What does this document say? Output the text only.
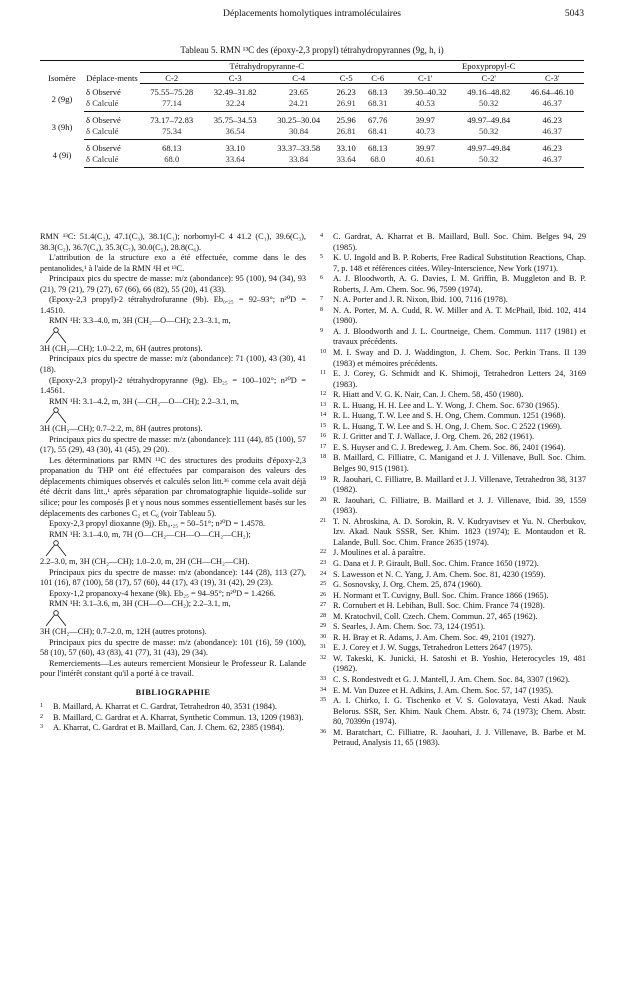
Déplacements homolytiques intramoléculaires	5043
Tableau 5. RMN ¹³C des (époxy-2,3 propyl) tétrahydropyrannes (9g, h, i)
Isomère	Déplace-ments	Tétrahydropyranne-C					Epoxypropyl-C		
		C-2	C-3	C-4	C-5	C-6	C-1'	C-2'	C-3'
2 (9g)	δ Observé	75.55–75.28	32.49–31.82	23.65	26.23	68.13	39.50–40.32	49.16–48.82	46.64–46.10
	δ Calculé	77.14	32.24	24.21	26.91	68.31	40.53	50.32	46.37
3 (9h)	δ Observé	73.17–72.83	35.75–34.53	30.25–30.04	25.96	67.76	39.97	49.97–49.84	46.23
	δ Calculé	75.34	36.54	30.84	26.81	68.41	40.73	50.32	46.37
4 (9i)	δ Observé	68.13	33.10	33.37–33.58	33.10	68.13	39.97	49.97–49.84	46.23
	δ Calculé	68.0	33.64	33.84	33.64	68.0	40.61	50.32	46.37

RMN ¹³C: 51.4(C₂), 47.1(C₃), 38.1(C₁); norbornyl-C 4 41.2 (C₁), 39.6(C₃), 38.3(C₂), 36.7(C₄), 35.3(C₇), 30.0(C₅), 28.8(C₆).

L'attribution de la structure exo a été effectuée, comme dans le des pentanolides,¹ à l'aide de la RMN ¹H et ¹³C.

Principaux pics du spectre de masse: m/z (abondance): 95 (100), 94 (34), 93 (21), 79 (21), 79 (27), 67 (66), 66 (82), 55 (20), 41 (33).

(Epoxy-2,3 propyl)-2 tétrahydrofuranne (9b). Eb₀.₂₅ = 92–93°; n²⁰D = 1.4510.

RMN ¹H: 3.3–4.0, m, 3H (CH₂—O—CH); 2.3–3.1, m,

3H (CH₂—CH); 1.0–2.2, m, 6H (autres protons).

Principaux pics du spectre de masse: m/z (abondance): 71 (100), 43 (30), 41 (18).

(Epoxy-2,3 propyl)-2 tétrahydropyranne (9g). Eb₂₅ = 100–102°; n²⁰D = 1.4561.

RMN ¹H: 3.1–4.2, m, 3H (—CH₂—O—CH); 2.2–3.1, m,

3H (CH₂—CH); 0.7–2.2, m, 8H (autres protons).

Principaux pics du spectre de masse: m/z (abondance): 111 (44), 85 (100), 57 (17), 55 (29), 43 (30), 41 (45), 29 (20).

Les déterminations par RMN ¹³C des structures des produits d'époxy-2,3 propanation du THP ont été effectuées par comparaison des valeurs des déplacements chimiques observés et calculés selon litt.³⁶ comme cela avait déjà été décrit dans litt.,¹ après séparation par chromatographie liquide–solide sur silice; pour les composés β et γ nous nous sommes essentiellement basés sur les déplacements des carbones C₂ et C₆ (voir Tableau 5).

Epoxy-2,3 propyl dioxanne (9j). Eb₀.₂₅ = 50–51°; n²⁰D = 1.4578.

RMN ¹H: 3.1–4.0, m, 7H (O—CH₂—CH—O—CH₂—CH₂);

2.2–3.0, m, 3H (CH₂—CH); 1.0–2.0, m, 2H (CH—CH₂—CH).

Principaux pics du spectre de masse: m/z (abondance): 144 (28), 113 (27), 101 (16), 87 (100), 58 (17), 57 (60), 44 (17), 43 (19), 31 (42), 29 (23).

Epoxy-1,2 propanoxy-4 hexane (9k). Eb₂₅ = 94–95°; n²⁰D = 1.4266.

RMN ¹H: 3.1–3.6, m, 3H (CH—O—CH₂); 2.2–3.1, m,

3H (CH₂—CH); 0.7–2.0, m, 12H (autres protons).

Principaux pics du spectre de masse: m/z (abondance): 101 (16), 59 (100), 58 (10), 57 (60), 43 (83), 41 (77), 31 (43), 29 (34).

Remerciements—Les auteurs remercient Monsieur le Professeur R. Lalande pour l'intérêt constant qu'il a porté à ce travail.

BIBLIOGRAPHIE

1 B. Maillard, A. Kharrat et C. Gardrat, Tetrahedron 40, 3531 (1984).

2 B. Maillard, C. Gardrat et A. Kharrat, Synthetic Commun. 13, 1209 (1983).

3 A. Kharrat, C. Gardrat et B. Maillard, Can. J. Chem. 62, 2385 (1984).

4 C. Gardrat, A. Kharrat et B. Maillard, Bull. Soc. Chim. Belges 94, 29 (1985).

5 K. U. Ingold and B. P. Roberts, Free Radical Substitution Reactions, Chap. 7, p. 148 et références citées. Wiley-Interscience, New York (1971).

6 A. J. Bloodworth, A. G. Davies, I. M. Griffin, B. Muggleton and B. P. Roberts, J. Am. Chem. Soc. 96, 7599 (1974).

7 N. A. Porter and J. R. Nixon, Ibid. 100, 7116 (1978).

8 N. A. Porter, M. A. Cudd, R. W. Miller and A. T. McPhail, Ibid. 102, 414 (1980).

9 A. J. Bloodworth and J. L. Courtneige, Chem. Commun. 1117 (1981) et travaux précédents.

10 M. I. Sway and D. J. Waddington, J. Chem. Soc. Perkin Trans. II 139 (1983) et mémoires précédents.

11 E. J. Corey, G. Schmidt and K. Shimoji, Tetrahedron Letters 24, 3169 (1983).

12 R. Hiatt and V. G. K. Nair, Can. J. Chem. 58, 450 (1980).

13 R. L. Huang, H. H. Lee and L. Y. Wong, J. Chem. Soc. 6730 (1965).

14 R. L. Huang, T. W. Lee and S. H. Ong, Chem. Commun. 1251 (1968).

15 R. L. Huang, T. W. Lee and S. H. Ong, J. Chem. Soc. C 2522 (1969).

16 R. J. Gritter and T. J. Wallace, J. Org. Chem. 26, 282 (1961).

17 E. S. Huyser and C. J. Bredeweg, J. Am. Chem. Soc. 86, 2401 (1964).

18 B. Maillard, C. Filliatre, C. Manigand et J. J. Villenave, Bull. Soc. Chim. Belges 90, 915 (1981).

19 R. Jaouhari, C. Filliatre, B. Maillard et J. J. Villenave, Tetrahedron 38, 3137 (1982).

20 R. Jaouhari, C. Filliatre, B. Maillard et J. J. Villenave, Ibid. 39, 1559 (1983).

21 T. N. Abroskina, A. D. Sorokin, R. V. Kudryavtsev et Yu. N. Cherbukov, Izv. Akad. Nauk SSSR, Ser. Khim. 1823 (1974); E. Montaudon et R. Lalande, Bull. Soc. Chim. France 2635 (1974).

22 J. Moulines et al. à paraître.

23 G. Dana et J. P. Girault, Bull. Soc. Chim. France 1650 (1972).

24 S. Lawesson et N. C. Yang, J. Am. Chem. Soc. 81, 4230 (1959).

25 G. Sosnovsky, J. Org. Chem. 25, 874 (1960).

26 H. Normant et T. Cuvigny, Bull. Soc. Chim. France 1866 (1965).

27 R. Cornubert et H. Lebihan, Bull. Soc. Chim. France 74 (1928).

28 M. Kratochvil, Coll. Czech. Chem. Commun. 27, 465 (1962).

29 S. Searles, J. Am. Chem. Soc. 73, 124 (1951).

30 R. H. Bray et R. Adams, J. Am. Chem. Soc. 49, 2101 (1927).

31 E. J. Corey et J. W. Suggs, Tetrahedron Letters 2647 (1975).

32 W. Takeski, K. Junicki, H. Satoshi et B. Yoshio, Heterocycles 19, 481 (1982).

33 C. S. Rondestvedt et G. J. Mantell, J. Am. Chem. Soc. 84, 3307 (1962).

34 E. M. Van Duzee et H. Adkins, J. Am. Chem. Soc. 57, 147 (1935).

35 A. I. Chirko, I. G. Tischenko et V. S. Golovataya, Vesti Akad. Nauk Belorus. SSR, Ser. Khim. Nauk Chem. Abstr. 6, 74 (1973); Chem. Abstr. 80, 70399n (1974).

36 M. Baratchart, C. Filliatre, R. Jaouhari, J. J. Villenave, B. Barbe et M. Petraud, Analysis 11, 65 (1983).
